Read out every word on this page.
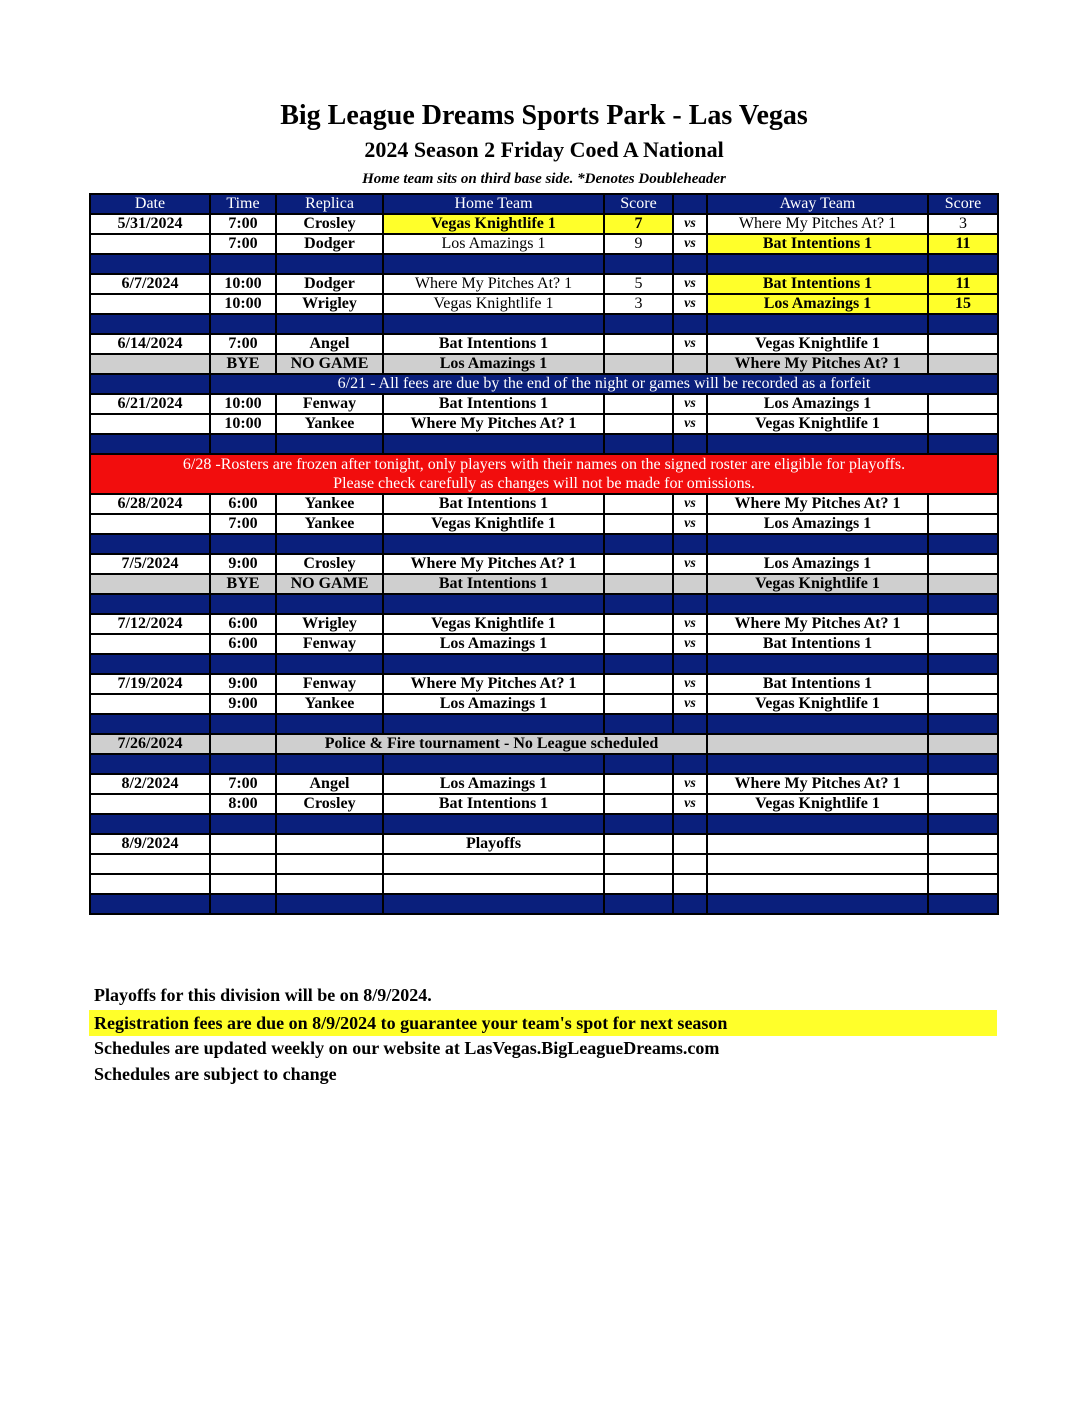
Big League Dreams Sports Park - Las Vegas
2024 Season 2 Friday Coed A National
Home team sits on third base side. *Denotes Doubleheader
Date	Time	Replica	Home Team	Score		Away Team	Score
5/31/2024	7:00	Crosley	Vegas Knightlife 1	7	vs	Where My Pitches At? 1	3
	7:00	Dodger	Los Amazings 1	9	vs	Bat Intentions 1	11

6/7/2024	10:00	Dodger	Where My Pitches At? 1	5	vs	Bat Intentions 1	11
	10:00	Wrigley	Vegas Knightlife 1	3	vs	Los Amazings 1	15

6/14/2024	7:00	Angel	Bat Intentions 1		vs	Vegas Knightlife 1	
	BYE	NO GAME	Los Amazings 1			Where My Pitches At? 1	
	6/21 - All fees are due by the end of the night or games will be recorded as a forfeit						
6/21/2024	10:00	Fenway	Bat Intentions 1		vs	Los Amazings 1	
	10:00	Yankee	Where My Pitches At? 1		vs	Vegas Knightlife 1	

6/28 -Rosters are frozen after tonight, only players with their names on the signed roster are eligible for playoffs.
Please check carefully as changes will not be made for omissions.							

6/28/2024	6:00	Yankee	Bat Intentions 1		vs	Where My Pitches At? 1	
	7:00	Yankee	Vegas Knightlife 1		vs	Los Amazings 1	

7/5/2024	9:00	Crosley	Where My Pitches At? 1		vs	Los Amazings 1	
	BYE	NO GAME	Bat Intentions 1			Vegas Knightlife 1	

7/12/2024	6:00	Wrigley	Vegas Knightlife 1		vs	Where My Pitches At? 1	
	6:00	Fenway	Los Amazings 1		vs	Bat Intentions 1	

7/19/2024	9:00	Fenway	Where My Pitches At? 1		vs	Bat Intentions 1	
	9:00	Yankee	Los Amazings 1		vs	Vegas Knightlife 1	

7/26/2024		Police & Fire tournament - No League scheduled					

8/2/2024	7:00	Angel	Los Amazings 1		vs	Where My Pitches At? 1	
	8:00	Crosley	Bat Intentions 1		vs	Vegas Knightlife 1	

8/9/2024			Playoffs				

Playoffs for this division will be on 8/9/2024.
Registration fees are due on 8/9/2024 to guarantee your team's spot for next season
Schedules are updated weekly on our website at LasVegas.BigLeagueDreams.com
Schedules are subject to change
